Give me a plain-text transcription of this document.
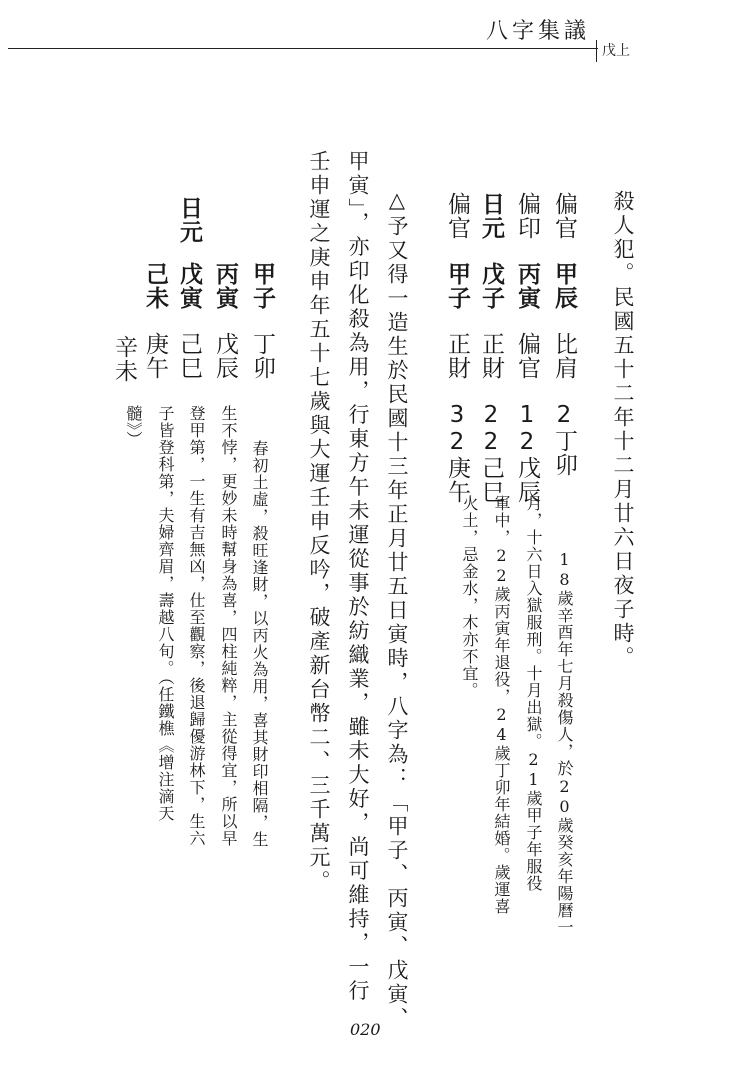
八字集議
戊上
殺人犯。民國五十二年十二月廿六日夜子時。
偏官甲辰比肩2丁卯
偏印丙寅偏官12戊辰
日元戊子正財22己巳
偏官甲子正財32庚午
18歲辛酉年七月殺傷人，於20歲癸亥年陽曆一
月，十六日入獄服刑。十月出獄。21歲甲子年服役
軍中，22歲丙寅年退役，24歲丁卯年結婚。歲運喜
火土，忌金水，木亦不宜。
△予又得一造生於民國十三年正月廿五日寅時，八字為：「甲子、丙寅、戊寅、
甲寅」，亦印化殺為用，行東方午未運從事於紡織業，雖未大好，尚可維持，一行
壬申運之庚申年五十七歲與大運壬申反吟，破產新台幣二、三千萬元。
甲子丁卯
丙寅戊辰
日元戊寅己巳
己未庚午
辛未
春初土虛，殺旺逢財，以丙火為用，喜其財印相隔，生
生不悖，更妙未時幫身為喜，四柱純粹，主從得宜，所以早
登甲第，一生有吉無凶，仕至觀察，後退歸優游林下，生六
子皆登科第，夫婦齊眉，壽越八旬。（任鐵樵《增注滴天
髓》）
020
